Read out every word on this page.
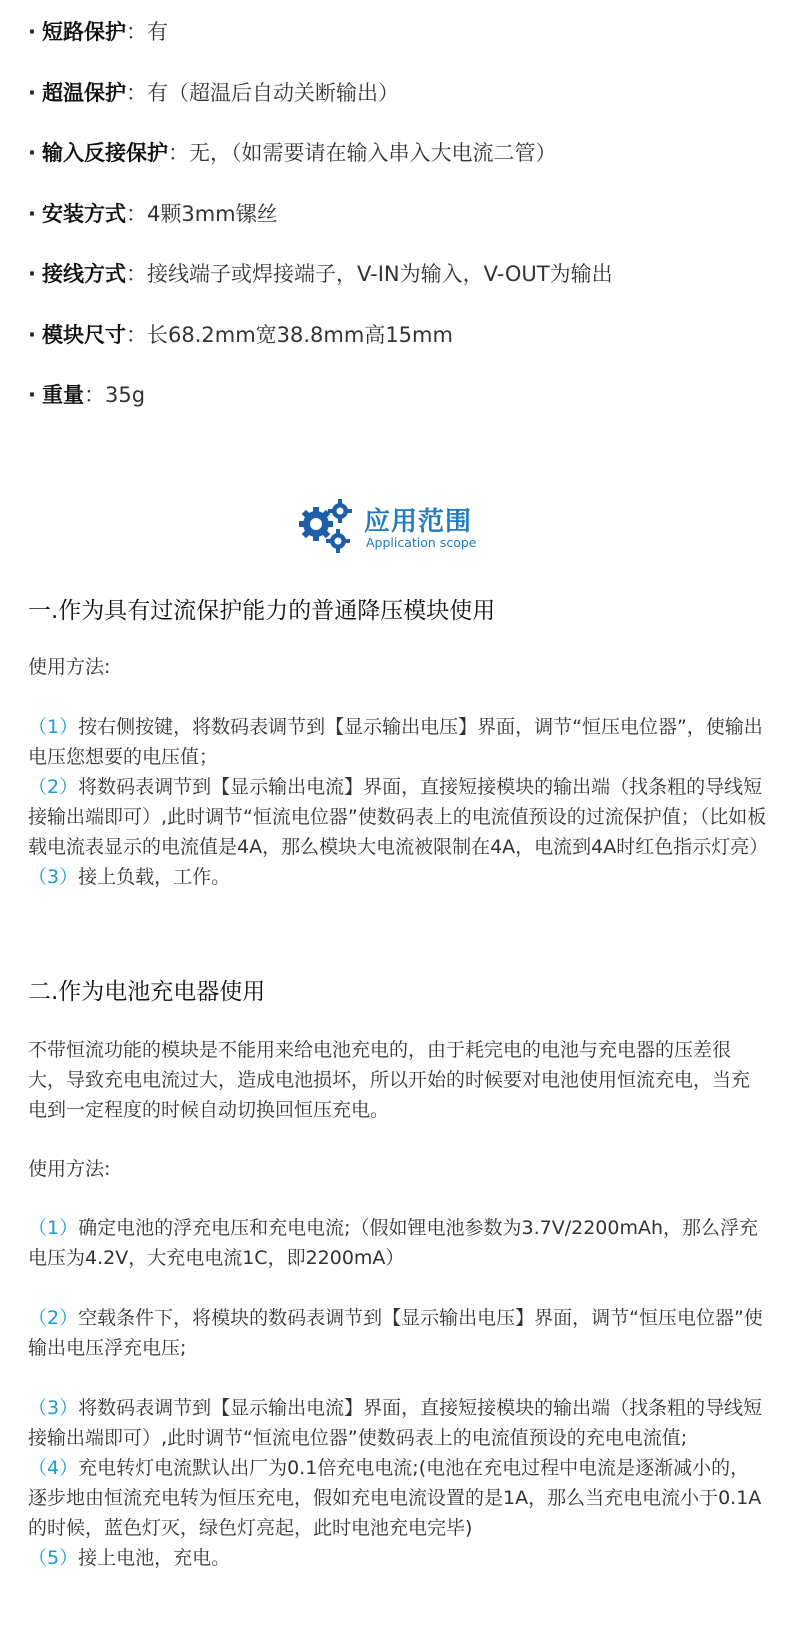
· 短路保护：有
· 超温保护：有（超温后自动关断输出）
· 输入反接保护：无，（如需要请在输入串入大电流二管）
· 安装方式：4颗3mm镙丝
· 接线方式：接线端子或焊接端子，V-IN为输入，V-OUT为输出
· 模块尺寸：长68.2mm宽38.8mm高15mm
· 重量：35g
应用范围
Application scope
一.作为具有过流保护能力的普通降压模块使用
使用方法:

（1）按右侧按键，将数码表调节到【显示输出电压】界面，调节“恒压电位器”，使输出电压您想要的电压值；

（2）将数码表调节到【显示输出电流】界面，直接短接模块的输出端（找条粗的导线短接输出端即可）,此时调节“恒流电位器”使数码表上的电流值预设的过流保护值；（比如板载电流表显示的电流值是4A，那么模块大电流被限制在4A，电流到4A时红色指示灯亮）

（3）接上负载，工作。

二.作为电池充电器使用
不带恒流功能的模块是不能用来给电池充电的，由于耗完电的电池与充电器的压差很大，导致充电电流过大，造成电池损坏，所以开始的时候要对电池使用恒流充电，当充电到一定程度的时候自动切换回恒压充电。
使用方法:

（1）确定电池的浮充电压和充电电流;（假如锂电池参数为3.7V/2200mAh，那么浮充电压为4.2V，大充电电流1C，即2200mA）

（2）空载条件下，将模块的数码表调节到【显示输出电压】界面，调节“恒压电位器”使输出电压浮充电压;

（3）将数码表调节到【显示输出电流】界面，直接短接模块的输出端（找条粗的导线短接输出端即可）,此时调节“恒流电位器”使数码表上的电流值预设的充电电流值;

（4）充电转灯电流默认出厂为0.1倍充电电流;(电池在充电过程中电流是逐渐减小的，逐步地由恒流充电转为恒压充电，假如充电电流设置的是1A，那么当充电电流小于0.1A的时候，蓝色灯灭，绿色灯亮起，此时电池充电完毕)

（5）接上电池，充电。
